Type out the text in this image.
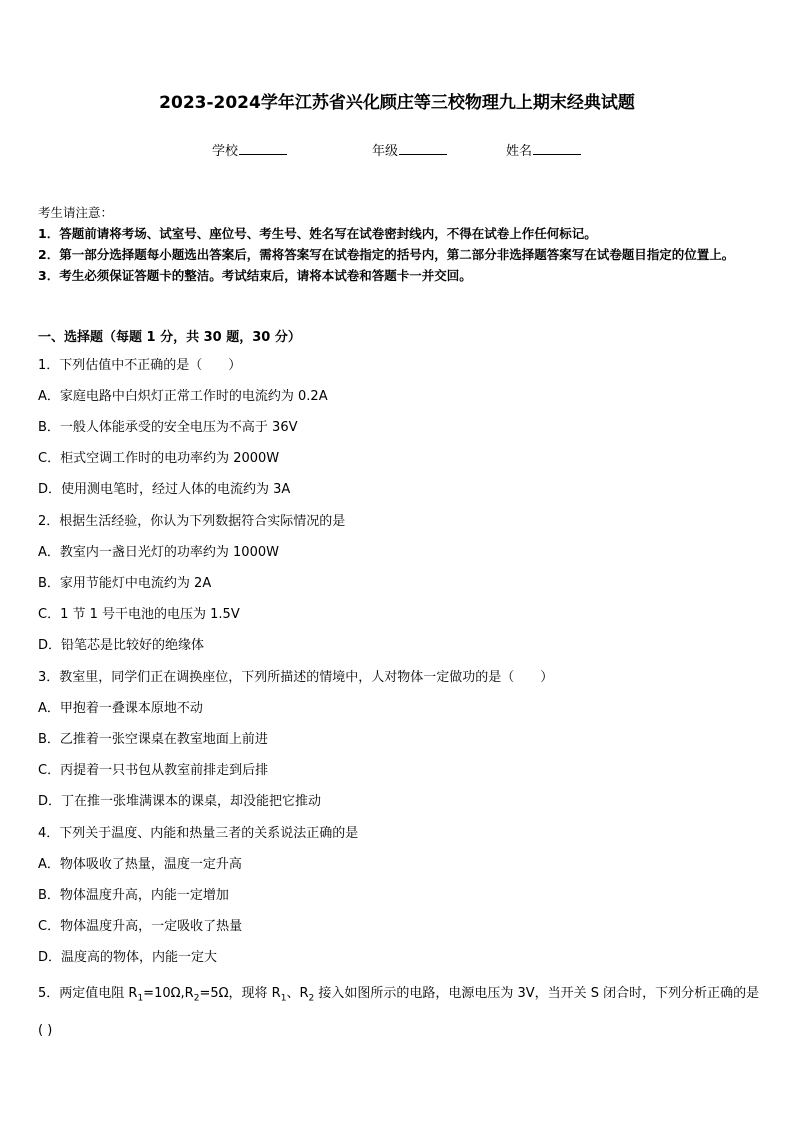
2023-2024学年江苏省兴化顾庄等三校物理九上期末经典试题
学校	年级	姓名
考生请注意：
1．答题前请将考场、试室号、座位号、考生号、姓名写在试卷密封线内，不得在试卷上作任何标记。
2．第一部分选择题每小题选出答案后，需将答案写在试卷指定的括号内，第二部分非选择题答案写在试卷题目指定的位置上。
3．考生必须保证答题卡的整洁。考试结束后，请将本试卷和答题卡一并交回。
一、选择题（每题 1 分，共 30 题，30 分）
1．下列估值中不正确的是（　　）
A．家庭电路中白炽灯正常工作时的电流约为 0.2A
B．一般人体能承受的安全电压为不高于 36V
C．柜式空调工作时的电功率约为 2000W
D．使用测电笔时，经过人体的电流约为 3A
2．根据生活经验，你认为下列数据符合实际情况的是
A．教室内一盏日光灯的功率约为 1000W
B．家用节能灯中电流约为 2A
C．1 节 1 号干电池的电压为 1.5V
D．铅笔芯是比较好的绝缘体
3．教室里，同学们正在调换座位，下列所描述的情境中，人对物体一定做功的是（　　）
A．甲抱着一叠课本原地不动
B．乙推着一张空课桌在教室地面上前进
C．丙提着一只书包从教室前排走到后排
D．丁在推一张堆满课本的课桌，却没能把它推动
4．下列关于温度、内能和热量三者的关系说法正确的是
A．物体吸收了热量，温度一定升高
B．物体温度升高，内能一定增加
C．物体温度升高，一定吸收了热量
D．温度高的物体，内能一定大
5．两定值电阻 $R_1=10\Omega,R_2=5\Omega$，现将 $R_1$、$R_2$ 接入如图所示的电路，电源电压为 3V，当开关 S 闭合时，下列分析正确的是( )
